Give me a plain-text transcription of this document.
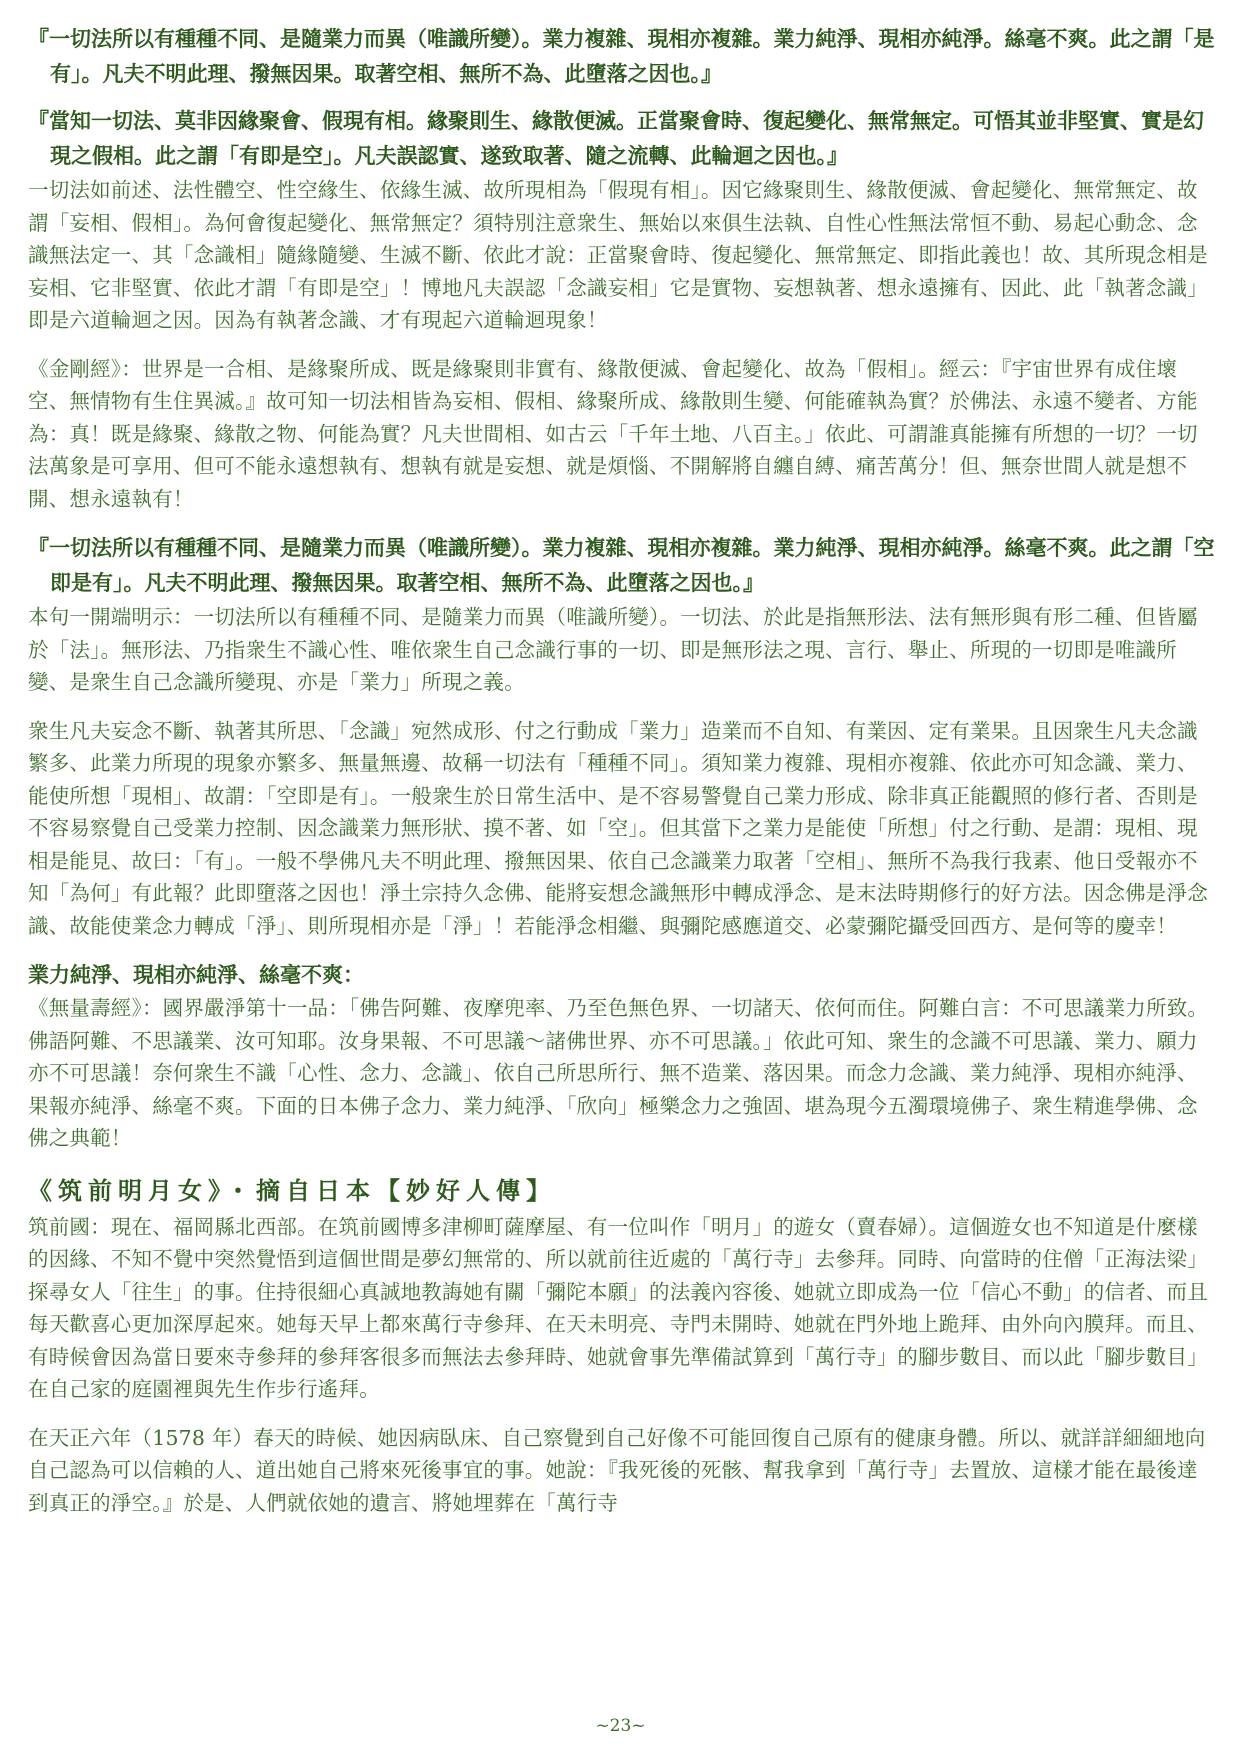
『一切法所以有種種不同、是隨業力而異（唯識所變）。業力複雜、現相亦複雜。業力純淨、現相亦純淨。絲毫不爽。此之謂「是有」。凡夫不明此理、撥無因果。取著空相、無所不為、此墮落之因也。』

『當知一切法、莫非因緣聚會、假現有相。緣聚則生、緣散便滅。正當聚會時、復起變化、無常無定。可悟其並非堅實、實是幻現之假相。此之謂「有即是空」。凡夫誤認實、遂致取著、隨之流轉、此輪迴之因也。』

一切法如前述、法性體空、性空緣生、依緣生滅、故所現相為「假現有相」。因它緣聚則生、緣散便滅、會起變化、無常無定、故謂「妄相、假相」。為何會復起變化、無常無定？須特別注意衆生、無始以來俱生法執、自性心性無法常恒不動、易起心動念、念識無法定一、其「念識相」隨緣隨變、生滅不斷、依此才說：正當聚會時、復起變化、無常無定、即指此義也！故、其所現念相是妄相、它非堅實、依此才謂「有即是空」！博地凡夫誤認「念識妄相」它是實物、妄想執著、想永遠擁有、因此、此「執著念識」即是六道輪迴之因。因為有執著念識、才有現起六道輪迴現象！

《金剛經》：世界是一合相、是緣聚所成、既是緣聚則非實有、緣散便滅、會起變化、故為「假相」。經云：『宇宙世界有成住壞空、無情物有生住異滅。』故可知一切法相皆為妄相、假相、緣聚所成、緣散則生變、何能確執為實？於佛法、永遠不變者、方能為：真！既是緣聚、緣散之物、何能為實？凡夫世間相、如古云「千年土地、八百主。」依此、可謂誰真能擁有所想的一切？一切法萬象是可享用、但可不能永遠想執有、想執有就是妄想、就是煩惱、不開解將自纏自縛、痛苦萬分！但、無奈世間人就是想不開、想永遠執有！

『一切法所以有種種不同、是隨業力而異（唯識所變）。業力複雜、現相亦複雜。業力純淨、現相亦純淨。絲毫不爽。此之謂「空即是有」。凡夫不明此理、撥無因果。取著空相、無所不為、此墮落之因也。』

本句一開端明示：一切法所以有種種不同、是隨業力而異（唯識所變）。一切法、於此是指無形法、法有無形與有形二種、但皆屬於「法」。無形法、乃指衆生不識心性、唯依衆生自己念識行事的一切、即是無形法之現、言行、舉止、所現的一切即是唯識所變、是衆生自己念識所變現、亦是「業力」所現之義。

衆生凡夫妄念不斷、執著其所思、「念識」宛然成形、付之行動成「業力」造業而不自知、有業因、定有業果。且因衆生凡夫念識繁多、此業力所現的現象亦繁多、無量無邊、故稱一切法有「種種不同」。須知業力複雜、現相亦複雜、依此亦可知念識、業力、能使所想「現相」、故謂：「空即是有」。一般衆生於日常生活中、是不容易警覺自己業力形成、除非真正能觀照的修行者、否則是不容易察覺自己受業力控制、因念識業力無形狀、摸不著、如「空」。但其當下之業力是能使「所想」付之行動、是謂：現相、現相是能見、故曰：「有」。一般不學佛凡夫不明此理、撥無因果、依自己念識業力取著「空相」、無所不為我行我素、他日受報亦不知「為何」有此報？此即墮落之因也！淨土宗持久念佛、能將妄想念識無形中轉成淨念、是末法時期修行的好方法。因念佛是淨念識、故能使業念力轉成「淨」、則所現相亦是「淨」！若能淨念相繼、與彌陀感應道交、必蒙彌陀攝受回西方、是何等的慶幸！

業力純淨、現相亦純淨、絲毫不爽：

《無量壽經》：國界嚴淨第十一品：「佛告阿難、夜摩兜率、乃至色無色界、一切諸天、依何而住。阿難白言：不可思議業力所致。佛語阿難、不思議業、汝可知耶。汝身果報、不可思議～諸佛世界、亦不可思議。」依此可知、衆生的念識不可思議、業力、願力亦不可思議！奈何衆生不識「心性、念力、念識」、依自己所思所行、無不造業、落因果。而念力念識、業力純淨、現相亦純淨、果報亦純淨、絲毫不爽。下面的日本佛子念力、業力純淨、「欣向」極樂念力之強固、堪為現今五濁環境佛子、衆生精進學佛、念佛之典範！

《筑前明月女》・摘自日本【妙好人傳】

筑前國：現在、福岡縣北西部。在筑前國博多津柳町薩摩屋、有一位叫作「明月」的遊女（賣春婦）。這個遊女也不知道是什麼樣的因緣、不知不覺中突然覺悟到這個世間是夢幻無常的、所以就前往近處的「萬行寺」去參拜。同時、向當時的住僧「正海法梁」探尋女人「往生」的事。住持很細心真誠地教誨她有關「彌陀本願」的法義內容後、她就立即成為一位「信心不動」的信者、而且每天歡喜心更加深厚起來。她每天早上都來萬行寺參拜、在天未明亮、寺門未開時、她就在門外地上跪拜、由外向內膜拜。而且、有時候會因為當日要來寺參拜的參拜客很多而無法去參拜時、她就會事先準備試算到「萬行寺」的腳步數目、而以此「腳步數目」在自己家的庭園裡與先生作步行遙拜。

在天正六年（1578 年）春天的時候、她因病臥床、自己察覺到自己好像不可能回復自己原有的健康身體。所以、就詳詳細細地向自己認為可以信賴的人、道出她自己將來死後事宜的事。她說：『我死後的死骸、幫我拿到「萬行寺」去置放、這樣才能在最後達到真正的淨空。』於是、人們就依她的遺言、將她埋葬在「萬行寺

~23~
